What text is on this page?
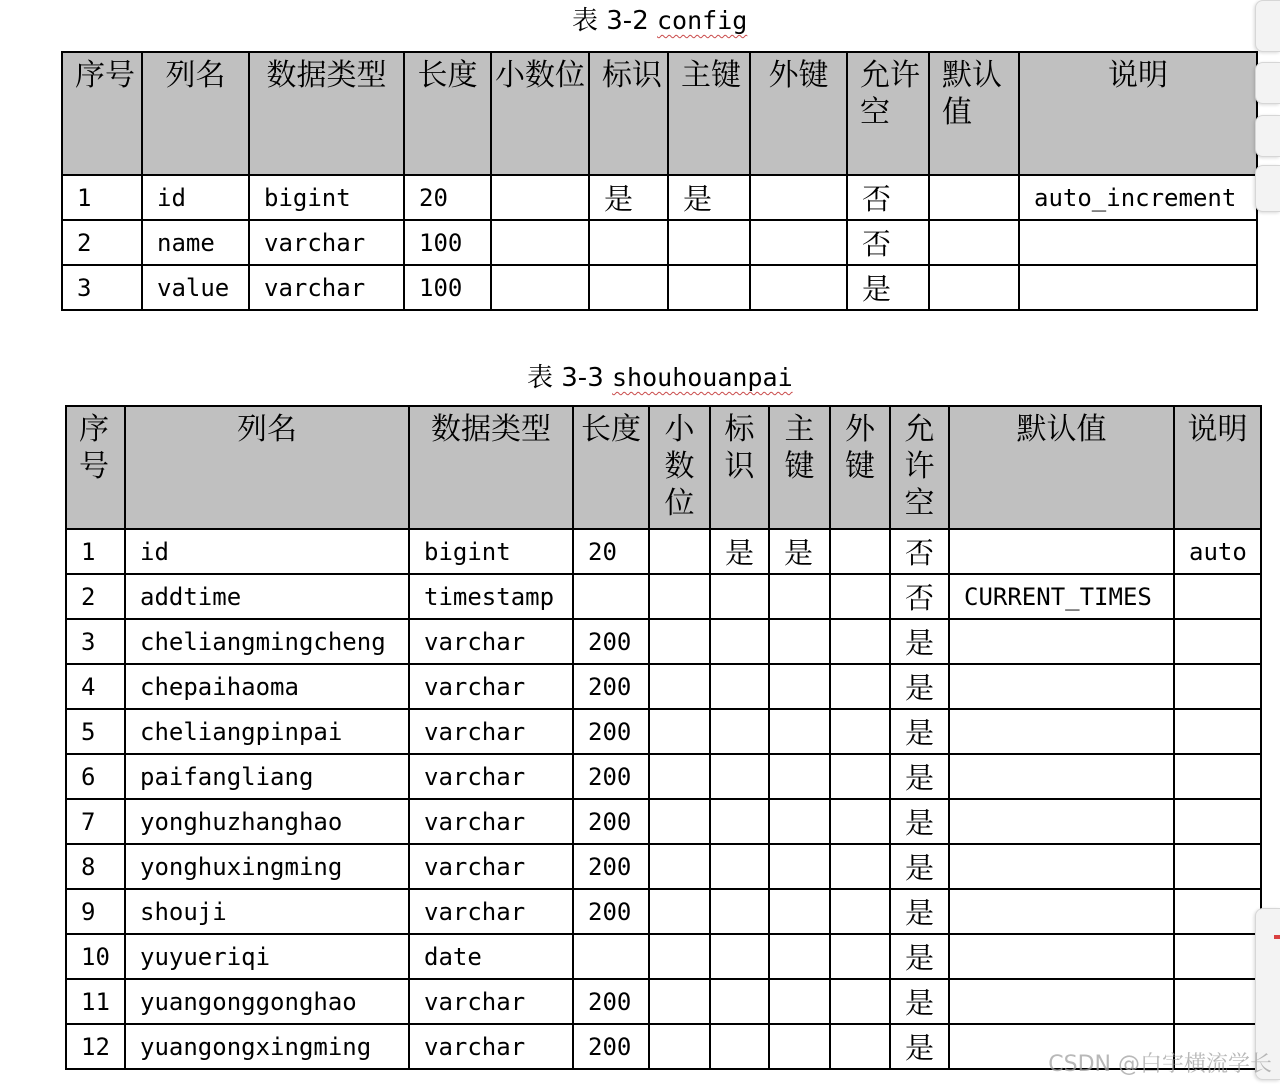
表 3-2 config
序号	列名	数据类型	长度	小数位	标识	主键	外键	允许空	默认值	说明

1	id	bigint	20		是	是		否		auto_increment
2	name	varchar	100					否		
3	value	varchar	100					是		
表 3-3 shouhouanpai
序号	列名	数据类型	长度	小数位	标识	主键	外键	允许空	默认值	说明

1	id	bigint	20		是	是		否		auto
2	addtime	timestamp						否	CURRENT_TIMES	
3	cheliangmingcheng	varchar	200					是		
4	chepaihaoma	varchar	200					是		
5	cheliangpinpai	varchar	200					是		
6	paifangliang	varchar	200					是		
7	yonghuzhanghao	varchar	200					是		
8	yonghuxingming	varchar	200					是		
9	shouji	varchar	200					是		
10	yuyueriqi	date						是		
11	yuangonggonghao	varchar	200					是		
12	yuangongxingming	varchar	200					是			CSDN @白宇横流学长
